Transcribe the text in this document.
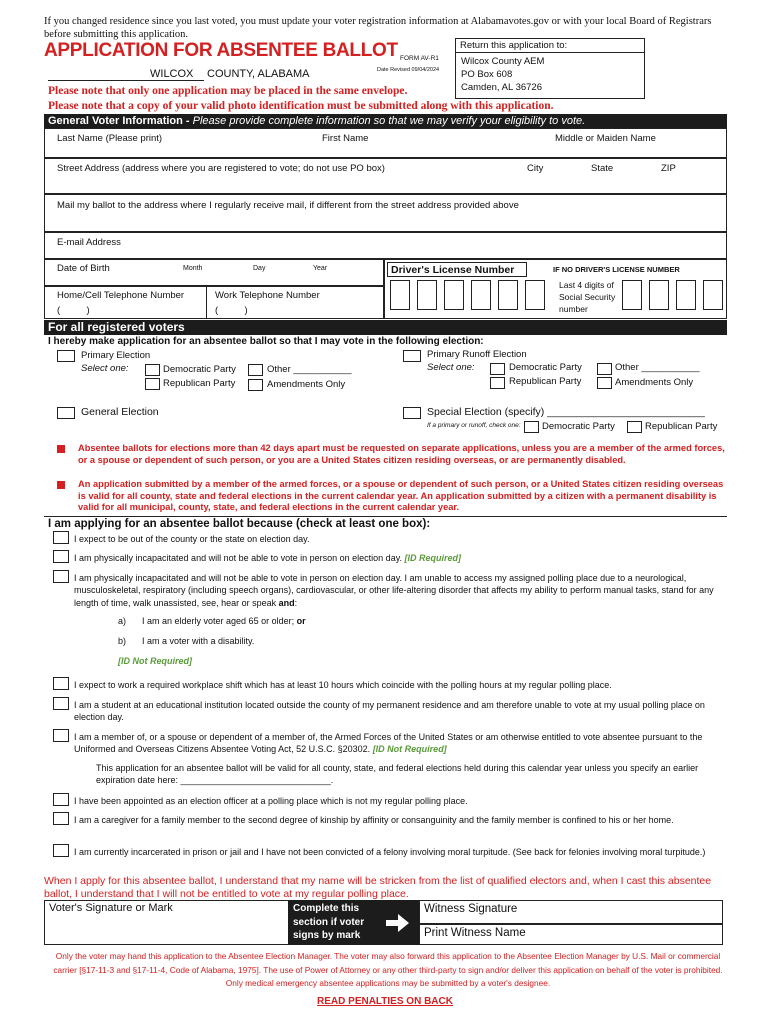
If you changed residence since you last voted, you must update your voter registration information at Alabamavotes.gov or with your local Board of Registrars before submitting this application.
APPLICATION FOR ABSENTEE BALLOT FORM AV-R1
Date Revised 09/04/2024
WILCOX COUNTY, ALABAMA
Return this application to:
Wilcox County AEM
PO Box 608
Camden, AL 36726
Please note that only one application may be placed in the same envelope.
Please note that a copy of your valid photo identification must be submitted along with this application.
General Voter Information - Please provide complete information so that we may verify your eligibility to vote.
Last Name (Please print)	First Name	Middle or Maiden Name
Street Address (address where you are registered to vote; do not use PO box)	City	State	ZIP
Mail my ballot to the address where I regularly receive mail, if different from the street address provided above
E-mail Address
Date of Birth	Month	Day	Year
Home/Cell Telephone Number	Work Telephone Number
(          )	(          )
Driver's License Number	IF NO DRIVER'S LICENSE NUMBER
Last 4 digits of Social Security number
For all registered voters
I hereby make application for an absentee ballot so that I may vote in the following election:
Primary Election
Select one:	Democratic Party	Other ___________
Republican Party	Amendments Only
Primary Runoff Election
Select one:	Democratic Party	Other ___________
Republican Party	Amendments Only
General Election	Special Election (specify) ___________________________
If a primary or runoff, check one: Democratic Party	Republican Party
Absentee ballots for elections more than 42 days apart must be requested on separate applications, unless you are a member of the armed forces, or a spouse or dependent of such person, or you are a United States citizen residing overseas, or are permanently disabled.
An application submitted by a member of the armed forces, or a spouse or dependent of such person, or a United States citizen residing overseas is valid for all county, state and federal elections in the current calendar year. An application submitted by a citizen with a permanent disability is valid for all municipal, county, state, and federal elections in the current calendar year.
I am applying for an absentee ballot because (check at least one box):
I expect to be out of the county or the state on election day.
I am physically incapacitated and will not be able to vote in person on election day. [ID Required]
I am physically incapacitated and will not be able to vote in person on election day. I am unable to access my assigned polling place due to a neurological, musculoskeletal, respiratory (including speech organs), cardiovascular, or other life-altering disorder that affects my ability to perform manual tasks, stand for any length of time, walk unassisted, see, hear or speak and:
a) I am an elderly voter aged 65 or older; or
b) I am a voter with a disability.
[ID Not Required]
I expect to work a required workplace shift which has at least 10 hours which coincide with the polling hours at my regular polling place.
I am a student at an educational institution located outside the county of my permanent residence and am therefore unable to vote at my usual polling place on election day.
I am a member of, or a spouse or dependent of a member of, the Armed Forces of the United States or am otherwise entitled to vote absentee pursuant to the Uniformed and Overseas Citizens Absentee Voting Act, 52 U.S.C. §20302. [ID Not Required]
This application for an absentee ballot will be valid for all county, state, and federal elections held during this calendar year unless you specify an earlier expiration date here: ______________________________.
I have been appointed as an election officer at a polling place which is not my regular polling place.
I am a caregiver for a family member to the second degree of kinship by affinity or consanguinity and the family member is confined to his or her home.
I am currently incarcerated in prison or jail and I have not been convicted of a felony involving moral turpitude. (See back for felonies involving moral turpitude.)
When I apply for this absentee ballot, I understand that my name will be stricken from the list of qualified electors and, when I cast this absentee ballot, I understand that I will not be entitled to vote at my regular polling place.
Voter's Signature or Mark	Complete this section if voter signs by mark
Witness Signature
Print Witness Name
Only the voter may hand this application to the Absentee Election Manager. The voter may also forward this application to the Absentee Election Manager by U.S. Mail or commercial carrier [§17-11-3 and §17-11-4, Code of Alabama, 1975]. The use of Power of Attorney or any other third-party to sign and/or deliver this application on behalf of the voter is prohibited. Only medical emergency absentee applications may be submitted by a voter's designee.
READ PENALTIES ON BACK
